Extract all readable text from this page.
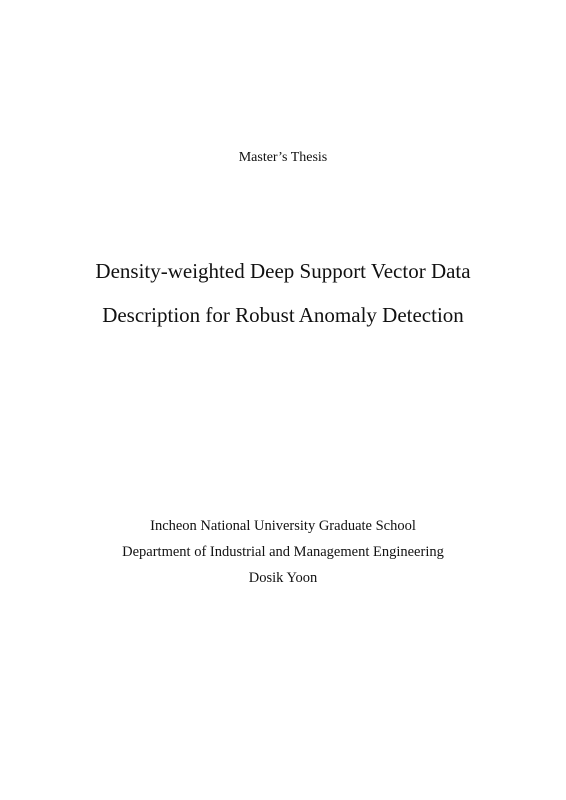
Master’s Thesis
Density-weighted Deep Support Vector Data
Description for Robust Anomaly Detection
Incheon National University Graduate School
Department of Industrial and Management Engineering
Dosik Yoon
